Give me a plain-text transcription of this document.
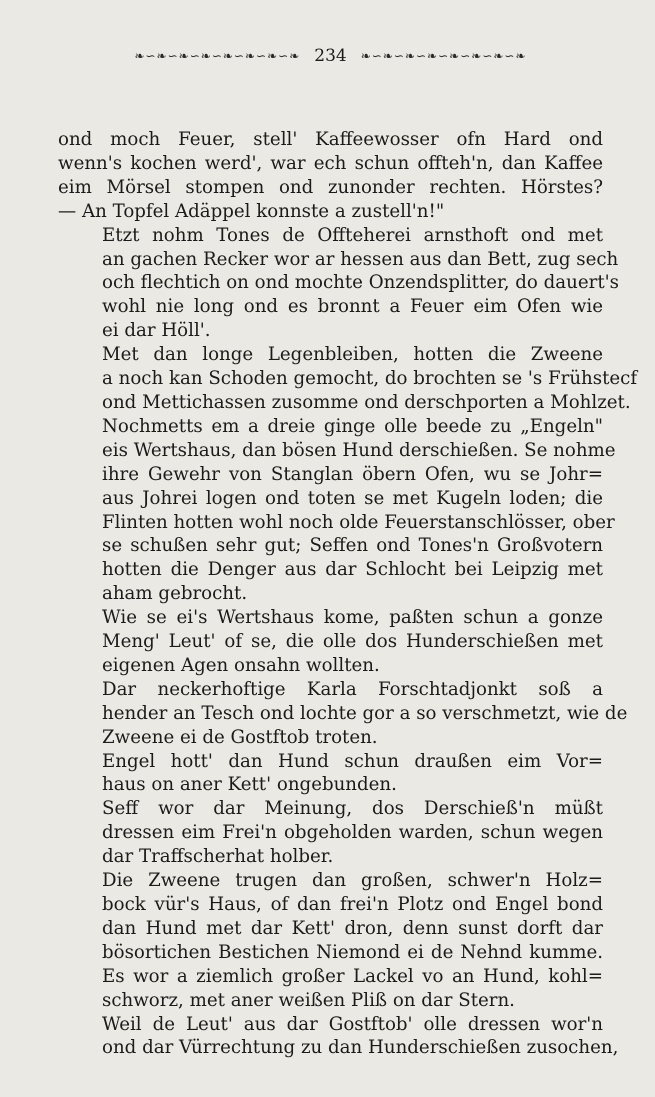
❧∽❧∽❧∽❧∽❧∽❧∽❧∽❧ 234	❧∽❧∽❧∽❧∽❧∽❧∽❧∽❧

ond moch Feuer, stell' Kaffeewosser ofn Hard ond
wenn's kochen werd', war ech schun offteh'n, dan Kaffee
eim Mörsel stompen ond zunonder rechten. Hörstes?
— An Topfel Adäppel konnste a zustell'n!"

Etzt nohm Tones de Offteherei arnsthoft ond met
an gachen Recker wor ar hessen aus dan Bett, zug sech
och flechtich on ond mochte Onzendsplitter, do dauert's
wohl nie long ond es bronnt a Feuer eim Ofen wie
ei dar Höll'.

Met dan longe Legenbleiben, hotten die Zweene
a noch kan Schoden gemocht, do brochten se 's Frühstecf
ond Mettichassen zusomme ond derschporten a Mohlzet.

Nochmetts em a dreie ginge olle beede zu „Engeln"
eis Wertshaus, dan bösen Hund derschießen. Se nohme
ihre Gewehr von Stanglan öbern Ofen, wu se Johr=
aus Johrei logen ond toten se met Kugeln loden; die
Flinten hotten wohl noch olde Feuerstanschlösser, ober
se schußen sehr gut; Seffen ond Tones'n Großvotern
hotten die Denger aus dar Schlocht bei Leipzig met
aham gebrocht.

Wie se ei's Wertshaus kome, paßten schun a gonze
Meng' Leut' of se, die olle dos Hunderschießen met
eigenen Agen onsahn wollten.

Dar neckerhoftige Karla Forschtadjonkt soß a
hender an Tesch ond lochte gor a so verschmetzt, wie de
Zweene ei de Gostftob troten.

Engel hott' dan Hund schun draußen eim Vor=
haus on aner Kett' ongebunden.

Seff wor dar Meinung, dos Derschieß'n müßt
dressen eim Frei'n obgeholden warden, schun wegen
dar Traffscherhat holber.

Die Zweene trugen dan großen, schwer'n Holz=
bock vür's Haus, of dan frei'n Plotz ond Engel bond
dan Hund met dar Kett' dron, denn sunst dorft dar
bösortichen Bestichen Niemond ei de Nehnd kumme.
Es wor a ziemlich großer Lackel vo an Hund, kohl=
schworz, met aner weißen Pliß on dar Stern.

Weil de Leut' aus dar Gostftob' olle dressen wor'n
ond dar Vürrechtung zu dan Hunderschießen zusochen,
